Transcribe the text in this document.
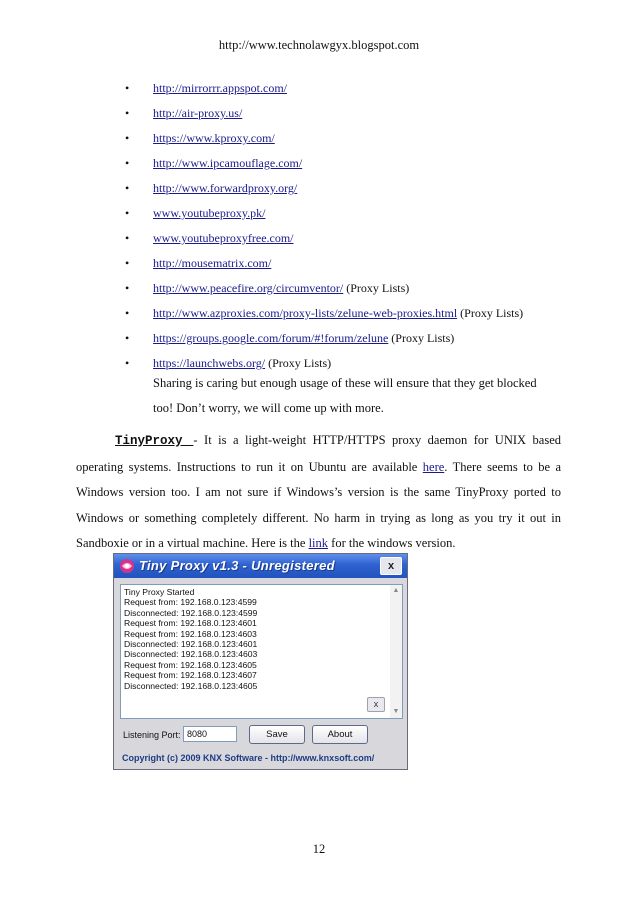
http://www.technolawgyx.blogspot.com
• http://mirrorrr.appspot.com/
• http://air-proxy.us/
• https://www.kproxy.com/
• http://www.ipcamouflage.com/
• http://www.forwardproxy.org/
• www.youtubeproxy.pk/
• www.youtubeproxyfree.com/
• http://mousematrix.com/
• http://www.peacefire.org/circumventor/ (Proxy Lists)
• http://www.azproxies.com/proxy-lists/zelune-web-proxies.html (Proxy Lists)
• https://groups.google.com/forum/#!forum/zelune (Proxy Lists)
• https://launchwebs.org/ (Proxy Lists)
Sharing is caring but enough usage of these will ensure that they get blocked too! Don’t worry, we will come up with more.
TinyProxy - It is a light-weight HTTP/HTTPS proxy daemon for UNIX based operating systems. Instructions to run it on Ubuntu are available here. There seems to be a Windows version too. I am not sure if Windows’s version is the same TinyProxy ported to Windows or something completely different. No harm in trying as long as you try it out in Sandboxie or in a virtual machine. Here is the link for the windows version.
Tiny Proxy v1.3 - Unregistered	x
Tiny Proxy Started
Request from: 192.168.0.123:4599
Disconnected: 192.168.0.123:4599
Request from: 192.168.0.123:4601
Request from: 192.168.0.123:4603
Disconnected: 192.168.0.123:4601
Disconnected: 192.168.0.123:4603
Request from: 192.168.0.123:4605
Request from: 192.168.0.123:4607
Disconnected: 192.168.0.123:4605
▲
▼
x
Listening Port: 8080	Save	About
Copyright (c) 2009 KNX Software - http://www.knxsoft.com/
12
